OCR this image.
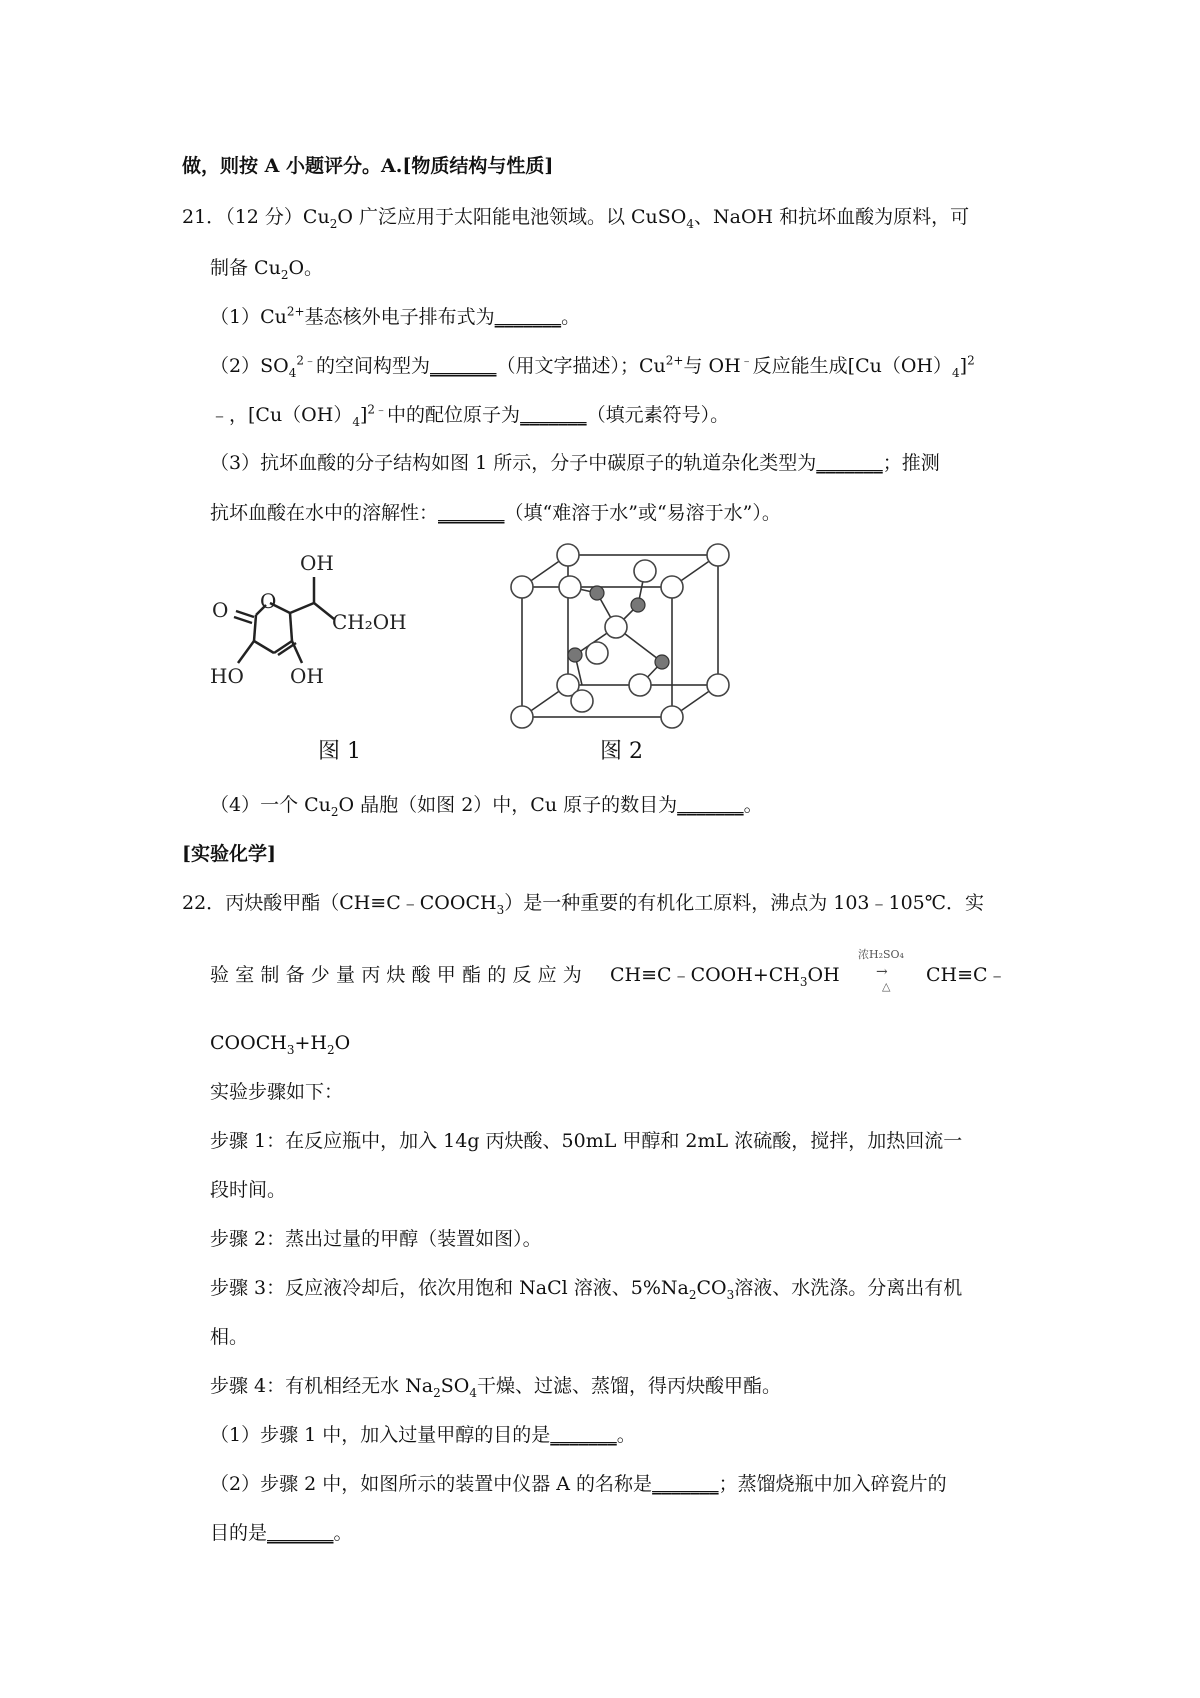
做，则按 A 小题评分。A.[物质结构与性质]
21．（12 分）$Cu_2O$ 广泛应用于太阳能电池领域。以 CuSO$_4$、NaOH 和抗坏血酸为原料，可
制备 $Cu_2O$。
$(1)Cu^{2+}$基态核外电子排布式为_______。
$(2)SO_4^{2﹣}$的空间构型为_______（用文字描述）；$Cu^{2+}$与 OH﹣反应能生成$[Cu(OH)_4]^2$
﹣，$[Cu(OH)_4]^{2﹣}$中的配位原子为_______（填元素符号）。
（3）抗坏血酸的分子结构如图 1 所示，分子中碳原子的轨道杂化类型为_______；推测
抗坏血酸在水中的溶解性：_______（填“难溶于水”或“易溶于水”）。
OH
O
O	CH₂OH
HO OH
图 1	图 2
（4）一个 $Cu_2O$ 晶胞（如图 2）中，Cu 原子的数目为_______。
[实验化学]
22．丙炔酸甲酯$(CH\equiv C﹣COOCH_3)$是一种重要的有机化工原料，沸点为 103﹣105℃．实
验室制备少量丙炔酸甲酯的反应为 $CH\equiv C﹣COOH+CH_3OH$
浓H₂SO₄
→
△
CH≡C﹣
$COOCH_3+H_2O$
实验步骤如下：
步骤 1：在反应瓶中，加入 14g 丙炔酸、50mL 甲醇和 2mL 浓硫酸，搅拌，加热回流一
段时间。
步骤 2：蒸出过量的甲醇（装置如图）。
步骤 3：反应液冷却后，依次用饱和 NaCl 溶液、$5\%Na_2CO_3$溶液、水洗涤。分离出有机
相。
步骤 4：有机相经无水 $Na_2SO_4$干燥、过滤、蒸馏，得丙炔酸甲酯。
（1）步骤 1 中，加入过量甲醇的目的是_______。
（2）步骤 2 中，如图所示的装置中仪器 A 的名称是_______；蒸馏烧瓶中加入碎瓷片的
目的是_______。
